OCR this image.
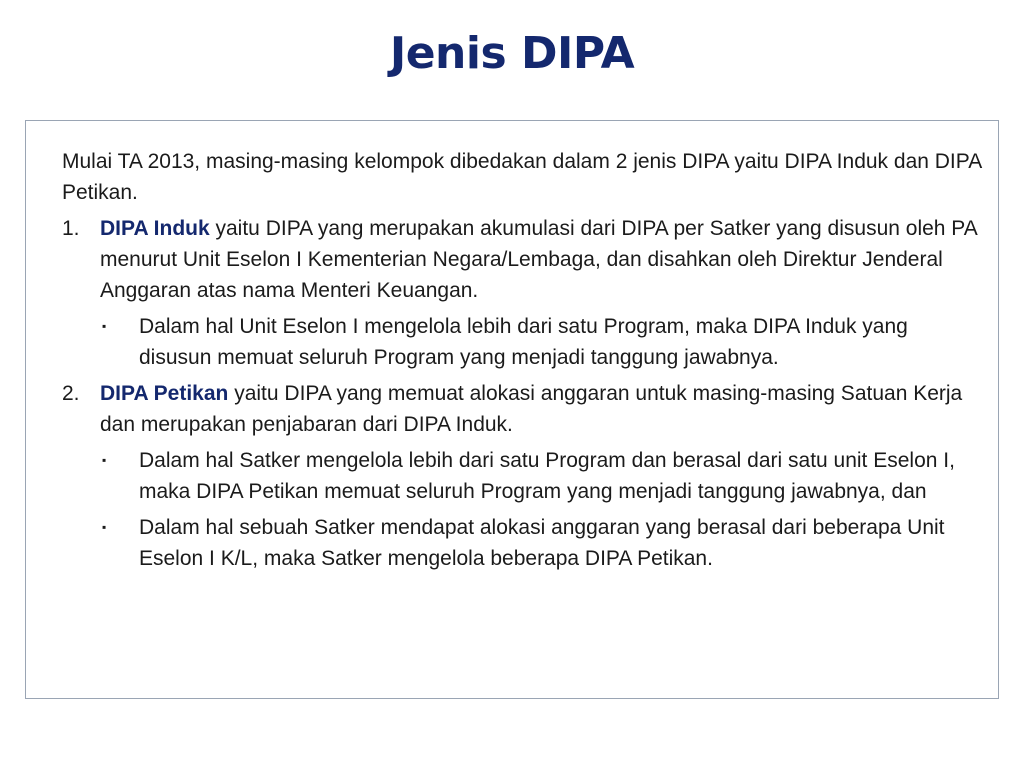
Jenis DIPA

Mulai TA 2013, masing-masing kelompok dibedakan dalam 2 jenis DIPA yaitu DIPA Induk dan DIPA Petikan.

1. DIPA Induk yaitu DIPA yang merupakan akumulasi dari DIPA per Satker yang disusun oleh PA menurut Unit Eselon I Kementerian Negara/Lembaga, dan disahkan oleh Direktur Jenderal Anggaran atas nama Menteri Keuangan.
▪ Dalam hal Unit Eselon I mengelola lebih dari satu Program, maka DIPA Induk yang disusun memuat seluruh Program yang menjadi tanggung jawabnya.
2. DIPA Petikan yaitu DIPA yang memuat alokasi anggaran untuk masing-masing Satuan Kerja dan merupakan penjabaran dari DIPA Induk.
▪ Dalam hal Satker mengelola lebih dari satu Program dan berasal dari satu unit Eselon I, maka DIPA Petikan memuat seluruh Program yang menjadi tanggung jawabnya, dan
▪ Dalam hal sebuah Satker mendapat alokasi anggaran yang berasal dari beberapa Unit Eselon I K/L, maka Satker mengelola beberapa DIPA Petikan.
